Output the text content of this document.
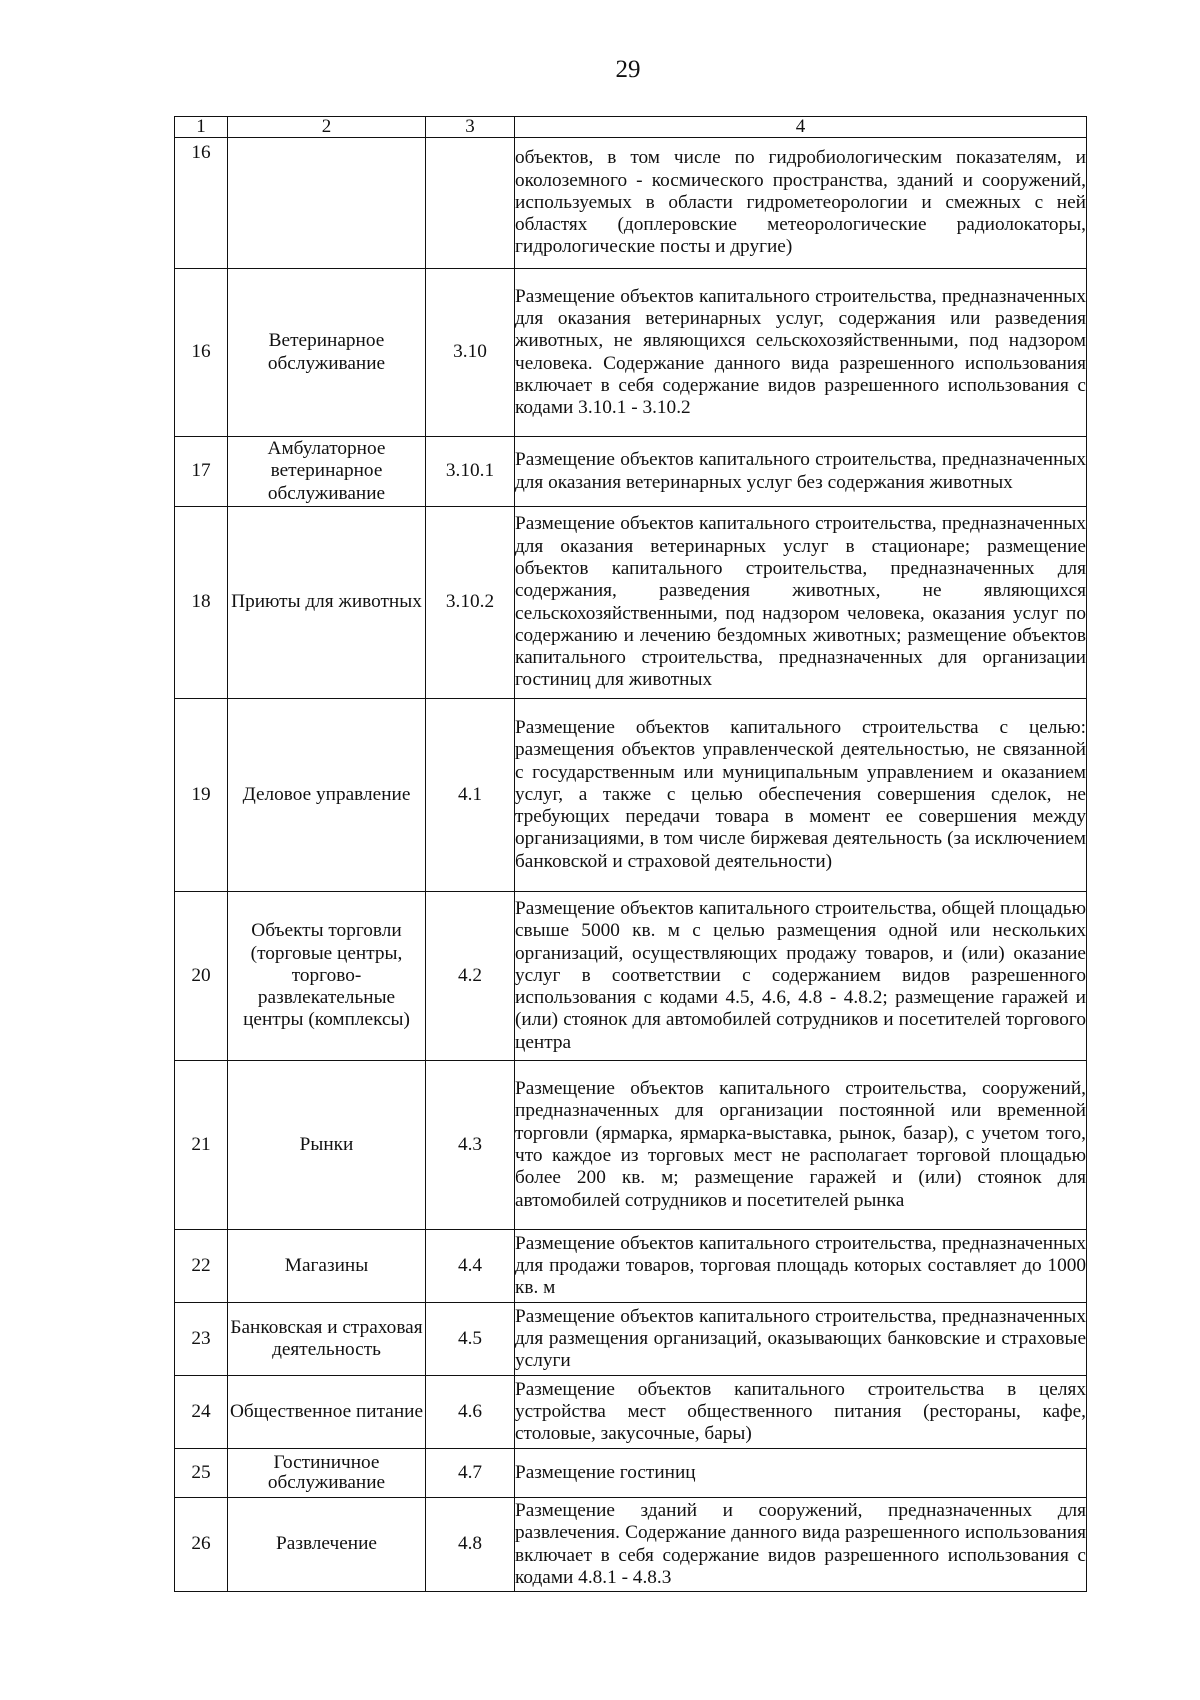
29
1	2	3	4
16			объектов, в том числе по гидробиологическим показателям, и околоземного - космического пространства, зданий и сооружений, используемых в области гидрометеорологии и смежных с ней областях (доплеровские метеорологические радиолокаторы, гидрологические посты и другие)
16	Ветеринарное обслуживание	3.10	Размещение объектов капитального строительства, предназначенных для оказания ветеринарных услуг, содержания или разведения животных, не являющихся сельскохозяйственными, под надзором человека. Содержание данного вида разрешенного использования включает в себя содержание видов разрешенного использования с кодами 3.10.1 - 3.10.2
17	Амбулаторное ветеринарное обслуживание	3.10.1	Размещение объектов капитального строительства, предназначенных для оказания ветеринарных услуг без содержания животных
18	Приюты для животных	3.10.2	Размещение объектов капитального строительства, предназначенных для оказания ветеринарных услуг в стационаре; размещение объектов капитального строительства, предназначенных для содержания, разведения животных, не являющихся сельскохозяйственными, под надзором человека, оказания услуг по содержанию и лечению бездомных животных; размещение объектов капитального строительства, предназначенных для организации гостиниц для животных
19	Деловое управление	4.1	Размещение объектов капитального строительства с целью: размещения объектов управленческой деятельностью, не связанной с государственным или муниципальным управлением и оказанием услуг, а также с целью обеспечения совершения сделок, не требующих передачи товара в момент ее совершения между организациями, в том числе биржевая деятельность (за исключением банковской и страховой деятельности)
20	Объекты торговли (торговые центры, торгово-развлекательные центры (комплексы)	4.2	Размещение объектов капитального строительства, общей площадью свыше 5000 кв. м с целью размещения одной или нескольких организаций, осуществляющих продажу товаров, и (или) оказание услуг в соответствии с содержанием видов разрешенного использования с кодами 4.5, 4.6, 4.8 - 4.8.2; размещение гаражей и (или) стоянок для автомобилей сотрудников и посетителей торгового центра
21	Рынки	4.3	Размещение объектов капитального строительства, сооружений, предназначенных для организации постоянной или временной торговли (ярмарка, ярмарка-выставка, рынок, базар), с учетом того, что каждое из торговых мест не располагает торговой площадью более 200 кв. м; размещение гаражей и (или) стоянок для автомобилей сотрудников и посетителей рынка
22	Магазины	4.4	Размещение объектов капитального строительства, предназначенных для продажи товаров, торговая площадь которых составляет до 1000 кв. м
23	Банковская и страховая деятельность	4.5	Размещение объектов капитального строительства, предназначенных для размещения организаций, оказывающих банковские и страховые услуги
24	Общественное питание	4.6	Размещение объектов капитального строительства в целях устройства мест общественного питания (рестораны, кафе, столовые, закусочные, бары)
25	Гостиничное обслуживание	4.7	Размещение гостиниц
26	Развлечение	4.8	Размещение зданий и сооружений, предназначенных для развлечения. Содержание данного вида разрешенного использования включает в себя содержание видов разрешенного использования с кодами 4.8.1 - 4.8.3
